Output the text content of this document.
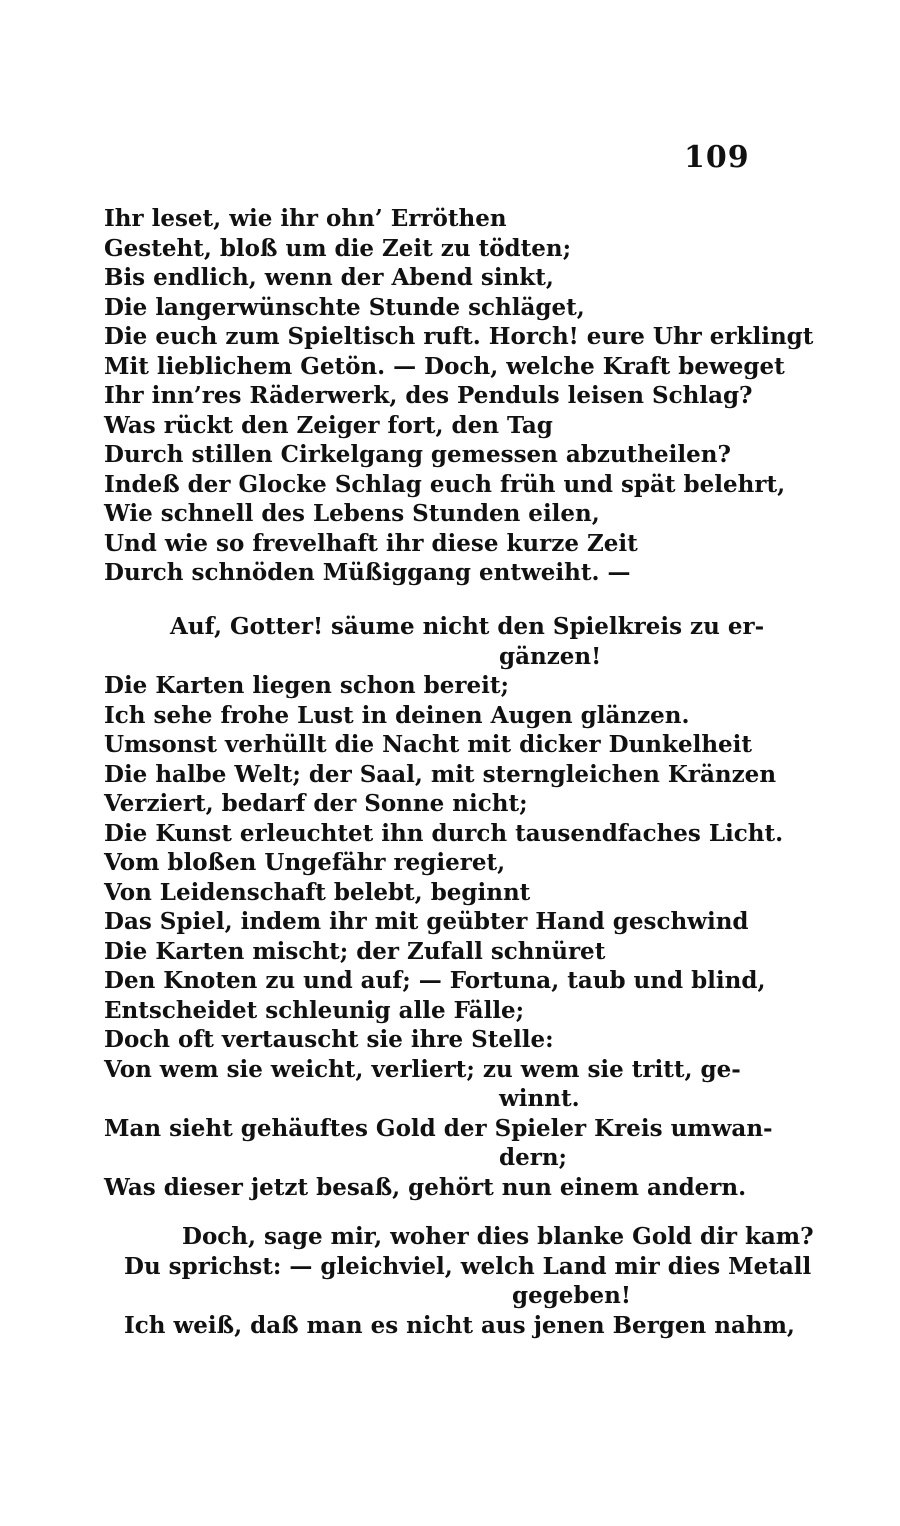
109
Ihr leset, wie ihr ohn’ Erröthen
Gesteht, bloß um die Zeit zu tödten;
Bis endlich, wenn der Abend sinkt,
Die langerwünschte Stunde schläget,
Die euch zum Spieltisch ruft. Horch! eure Uhr erklingt
Mit lieblichem Getön. — Doch, welche Kraft beweget
Ihr inn’res Räderwerk, des Penduls leisen Schlag?
Was rückt den Zeiger fort, den Tag
Durch stillen Cirkelgang gemessen abzutheilen?
Indeß der Glocke Schlag euch früh und spät belehrt,
Wie schnell des Lebens Stunden eilen,
Und wie so frevelhaft ihr diese kurze Zeit
Durch schnöden Müßiggang entweiht. —
Auf, Gotter! säume nicht den Spielkreis zu er-
gänzen!
Die Karten liegen schon bereit;
Ich sehe frohe Lust in deinen Augen glänzen.
Umsonst verhüllt die Nacht mit dicker Dunkelheit
Die halbe Welt; der Saal, mit sterngleichen Kränzen
Verziert, bedarf der Sonne nicht;
Die Kunst erleuchtet ihn durch tausendfaches Licht.
Vom bloßen Ungefähr regieret,
Von Leidenschaft belebt, beginnt
Das Spiel, indem ihr mit geübter Hand geschwind
Die Karten mischt; der Zufall schnüret
Den Knoten zu und auf; — Fortuna, taub und blind,
Entscheidet schleunig alle Fälle;
Doch oft vertauscht sie ihre Stelle:
Von wem sie weicht, verliert; zu wem sie tritt, ge-
winnt.
Man sieht gehäuftes Gold der Spieler Kreis umwan-
dern;
Was dieser jetzt besaß, gehört nun einem andern.
Doch, sage mir, woher dies blanke Gold dir kam?
Du sprichst: — gleichviel, welch Land mir dies Metall
gegeben!
Ich weiß, daß man es nicht aus jenen Bergen nahm,
